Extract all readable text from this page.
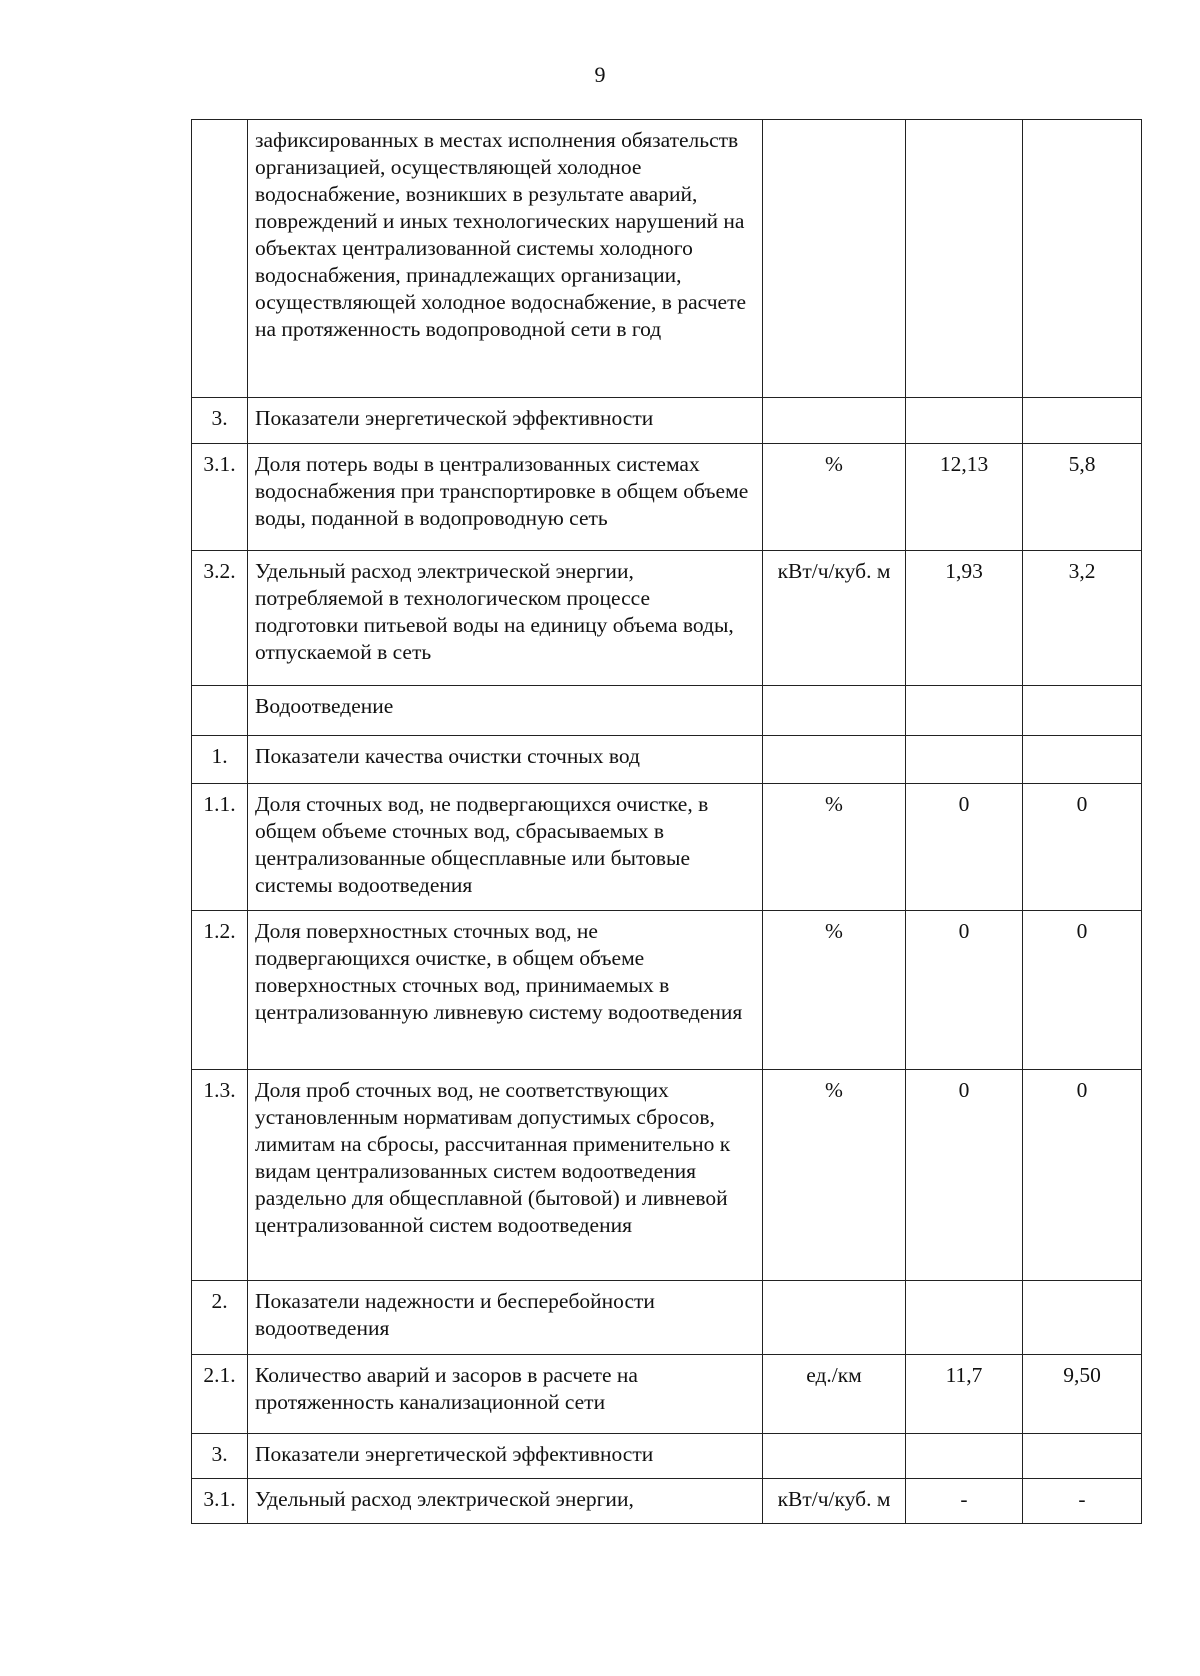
9
	зафиксированных в местах исполнения обязательств организацией, осуществляющей холодное водоснабжение, возникших в результате аварий, повреждений и иных технологических нарушений на объектах централизованной системы холодного водоснабжения, принадлежащих организации, осуществляющей холодное водоснабжение, в расчете на протяженность водопроводной сети в год			
3.	Показатели энергетической эффективности			
3.1.	Доля потерь воды в централизованных системах водоснабжения при транспортировке в общем объеме воды, поданной в водопроводную сеть	%	12,13	5,8
3.2.	Удельный расход электрической энергии, потребляемой в технологическом процессе подготовки питьевой воды на единицу объема воды, отпускаемой в сеть	кВт/ч/куб. м	1,93	3,2
	Водоотведение			
1.	Показатели качества очистки сточных вод			
1.1.	Доля сточных вод, не подвергающихся очистке, в общем объеме сточных вод, сбрасываемых в централизованные общесплавные или бытовые системы водоотведения	%	0	0
1.2.	Доля поверхностных сточных вод, не подвергающихся очистке, в общем объеме поверхностных сточных вод, принимаемых в централизованную ливневую систему водоотведения	%	0	0
1.3.	Доля проб сточных вод, не соответствующих установленным нормативам допустимых сбросов, лимитам на сбросы, рассчитанная применительно к видам централизованных систем водоотведения раздельно для общесплавной (бытовой) и ливневой централизованной систем водоотведения	%	0	0
2.	Показатели надежности и бесперебойности водоотведения			
2.1.	Количество аварий и засоров в расчете на протяженность канализационной сети	ед./км	11,7	9,50
3.	Показатели энергетической эффективности			
3.1.	Удельный расход электрической энергии,	кВт/ч/куб. м	-	-
